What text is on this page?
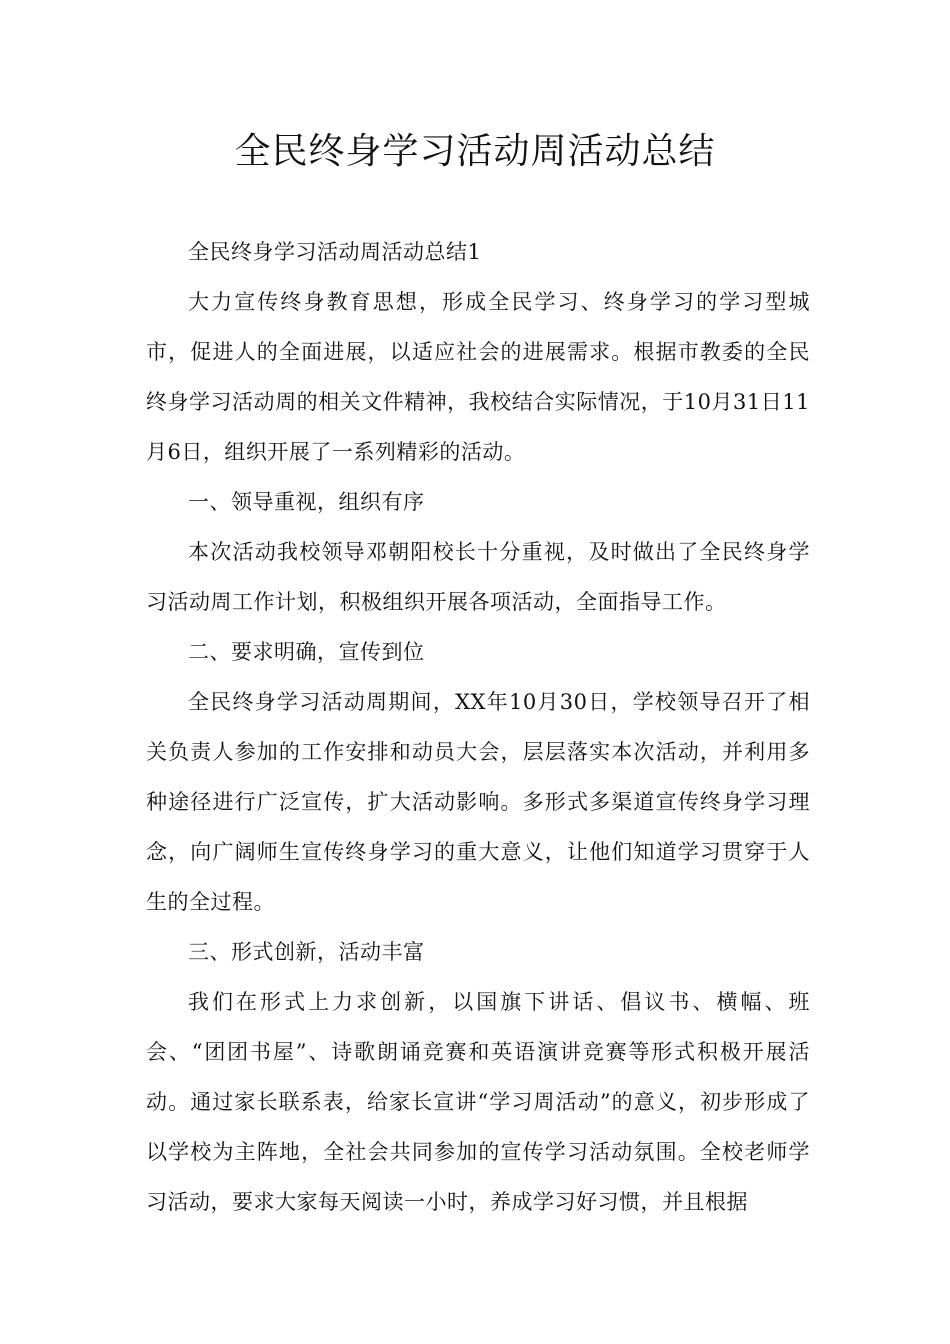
全民终身学习活动周活动总结

全民终身学习活动周活动总结1

大力宣传终身教育思想，形成全民学习、终身学习的学习型城市，促进人的全面进展，以适应社会的进展需求。根据市教委的全民终身学习活动周的相关文件精神，我校结合实际情况，于10月31日11月6日，组织开展了一系列精彩的活动。

一、领导重视，组织有序

本次活动我校领导邓朝阳校长十分重视，及时做出了全民终身学习活动周工作计划，积极组织开展各项活动，全面指导工作。

二、要求明确，宣传到位

全民终身学习活动周期间，XX年10月30日，学校领导召开了相关负责人参加的工作安排和动员大会，层层落实本次活动，并利用多种途径进行广泛宣传，扩大活动影响。多形式多渠道宣传终身学习理念，向广阔师生宣传终身学习的重大意义，让他们知道学习贯穿于人生的全过程。

三、形式创新，活动丰富

我们在形式上力求创新，以国旗下讲话、倡议书、横幅、班会、“团团书屋”、诗歌朗诵竞赛和英语演讲竞赛等形式积极开展活动。通过家长联系表，给家长宣讲“学习周活动”的意义，初步形成了以学校为主阵地，全社会共同参加的宣传学习活动氛围。全校老师学习活动，要求大家每天阅读一小时，养成学习好习惯，并且根据
